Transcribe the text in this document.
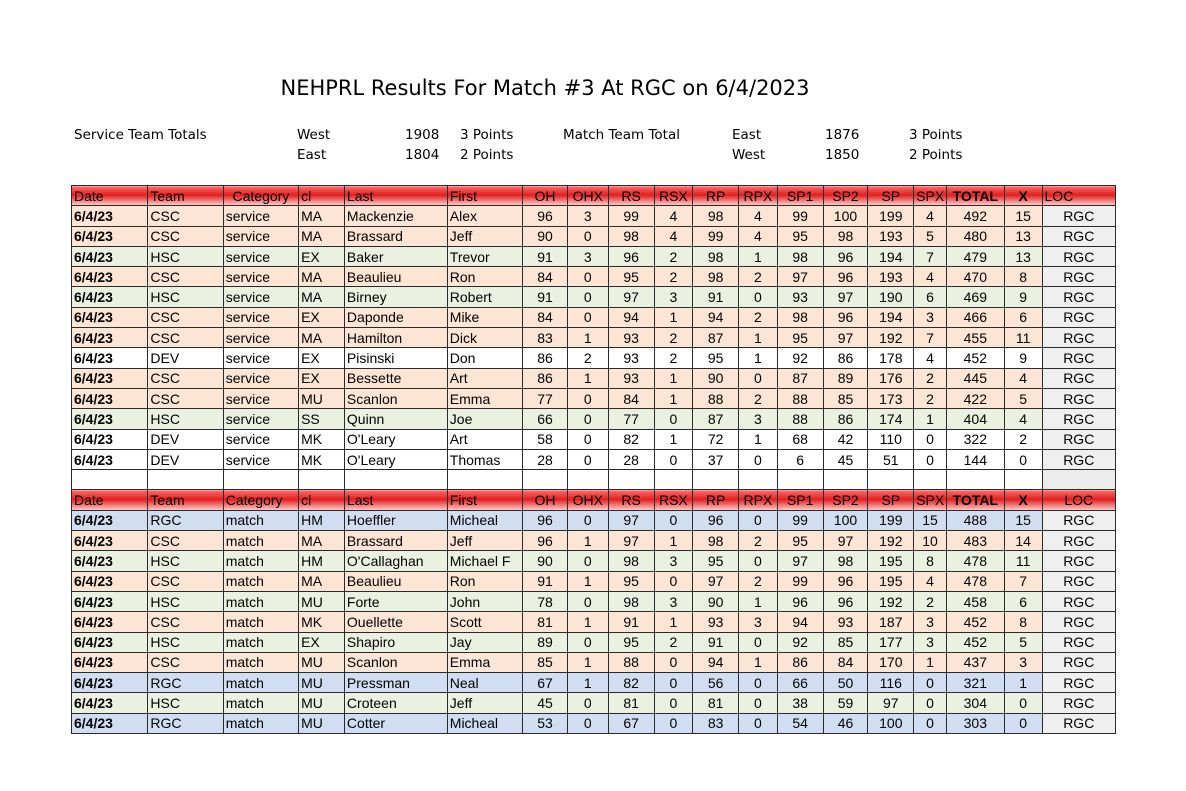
NEHPRL Results For Match #3 At RGC on 6/4/2023
Service Team Totals	West	1908 3 Points
East	1804 2 Points
Match Team Total	East	1876	3 Points
West	1850	2 Points
Date	Team	Category	cl	Last	First	OH	OHX	RS	RSX	RP	RPX	SP1	SP2	SP	SPX	TOTAL	X	LOC
6/4/23	CSC	service	MA	Mackenzie	Alex	96	3	99	4	98	4	99	100	199	4	492	15	RGC
6/4/23	CSC	service	MA	Brassard	Jeff	90	0	98	4	99	4	95	98	193	5	480	13	RGC
6/4/23	HSC	service	EX	Baker	Trevor	91	3	96	2	98	1	98	96	194	7	479	13	RGC
6/4/23	CSC	service	MA	Beaulieu	Ron	84	0	95	2	98	2	97	96	193	4	470	8	RGC
6/4/23	HSC	service	MA	Birney	Robert	91	0	97	3	91	0	93	97	190	6	469	9	RGC
6/4/23	CSC	service	EX	Daponde	Mike	84	0	94	1	94	2	98	96	194	3	466	6	RGC
6/4/23	CSC	service	MA	Hamilton	Dick	83	1	93	2	87	1	95	97	192	7	455	11	RGC
6/4/23	DEV	service	EX	Pisinski	Don	86	2	93	2	95	1	92	86	178	4	452	9	RGC
6/4/23	CSC	service	EX	Bessette	Art	86	1	93	1	90	0	87	89	176	2	445	4	RGC
6/4/23	CSC	service	MU	Scanlon	Emma	77	0	84	1	88	2	88	85	173	2	422	5	RGC
6/4/23	HSC	service	SS	Quinn	Joe	66	0	77	0	87	3	88	86	174	1	404	4	RGC
6/4/23	DEV	service	MK	O'Leary	Art	58	0	82	1	72	1	68	42	110	0	322	2	RGC
6/4/23	DEV	service	MK	O'Leary	Thomas	28	0	28	0	37	0	6	45	51	0	144	0	RGC

Date	Team	Category	cl	Last	First	OH	OHX	RS	RSX	RP	RPX	SP1	SP2	SP	SPX	TOTAL	X	LOC
6/4/23	RGC	match	HM	Hoeffler	Micheal	96	0	97	0	96	0	99	100	199	15	488	15	RGC
6/4/23	CSC	match	MA	Brassard	Jeff	96	1	97	1	98	2	95	97	192	10	483	14	RGC
6/4/23	HSC	match	HM	O'Callaghan	Michael F	90	0	98	3	95	0	97	98	195	8	478	11	RGC
6/4/23	CSC	match	MA	Beaulieu	Ron	91	1	95	0	97	2	99	96	195	4	478	7	RGC
6/4/23	HSC	match	MU	Forte	John	78	0	98	3	90	1	96	96	192	2	458	6	RGC
6/4/23	CSC	match	MK	Ouellette	Scott	81	1	91	1	93	3	94	93	187	3	452	8	RGC
6/4/23	HSC	match	EX	Shapiro	Jay	89	0	95	2	91	0	92	85	177	3	452	5	RGC
6/4/23	CSC	match	MU	Scanlon	Emma	85	1	88	0	94	1	86	84	170	1	437	3	RGC
6/4/23	RGC	match	MU	Pressman	Neal	67	1	82	0	56	0	66	50	116	0	321	1	RGC
6/4/23	HSC	match	MU	Croteen	Jeff	45	0	81	0	81	0	38	59	97	0	304	0	RGC
6/4/23	RGC	match	MU	Cotter	Micheal	53	0	67	0	83	0	54	46	100	0	303	0	RGC
